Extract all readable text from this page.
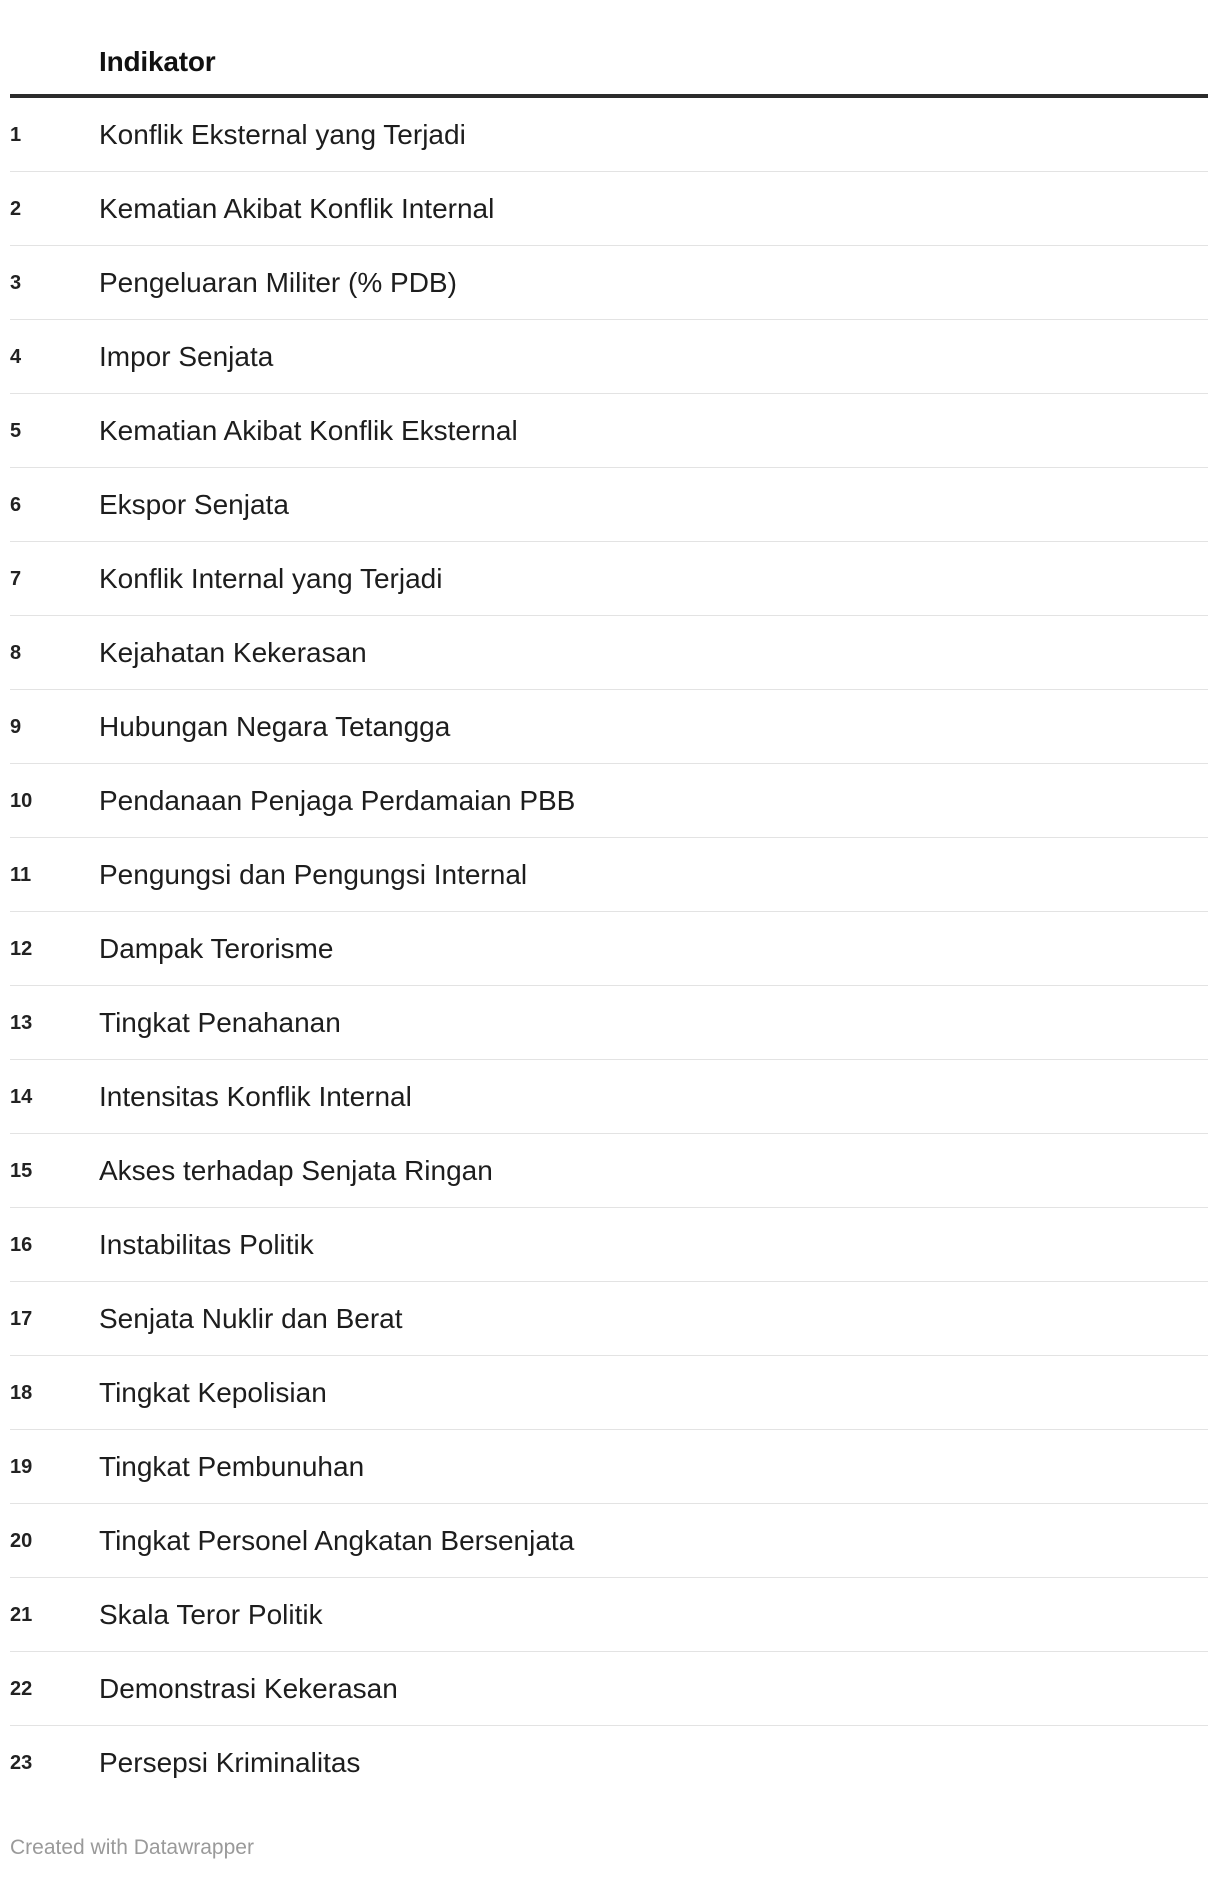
Indikator
1	Konflik Eksternal yang Terjadi
2	Kematian Akibat Konflik Internal
3	Pengeluaran Militer (% PDB)
4	Impor Senjata
5	Kematian Akibat Konflik Eksternal
6	Ekspor Senjata
7	Konflik Internal yang Terjadi
8	Kejahatan Kekerasan
9	Hubungan Negara Tetangga
10 Pendanaan Penjaga Perdamaian PBB
11 Pengungsi dan Pengungsi Internal
12 Dampak Terorisme
13 Tingkat Penahanan
14 Intensitas Konflik Internal
15 Akses terhadap Senjata Ringan
16 Instabilitas Politik
17 Senjata Nuklir dan Berat
18 Tingkat Kepolisian
19 Tingkat Pembunuhan
20 Tingkat Personel Angkatan Bersenjata
21 Skala Teror Politik
22 Demonstrasi Kekerasan
23 Persepsi Kriminalitas
Created with Datawrapper
